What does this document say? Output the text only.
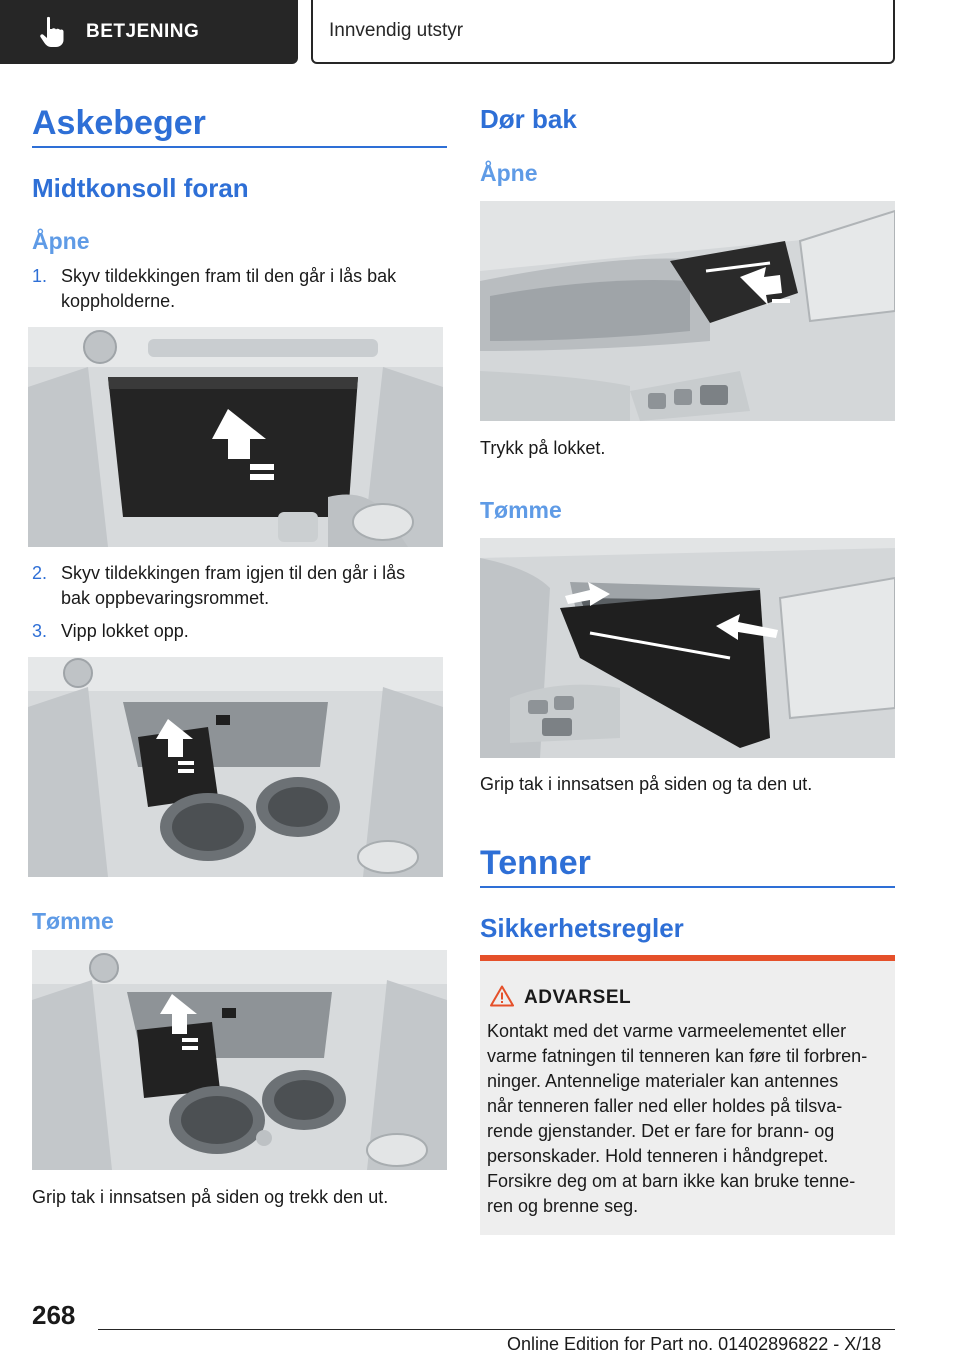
BETJENING	Innvendig utstyr
Askebeger
Midtkonsoll foran
Åpne
1. Skyv tildekkingen fram til den går i lås bak
koppholderne.
2. Skyv tildekkingen fram igjen til den går i lås
bak oppbevaringsrommet.
3. Vipp lokket opp.
Tømme
Grip tak i innsatsen på siden og trekk den ut.
Dør bak
Åpne
Trykk på lokket.
Tømme
Grip tak i innsatsen på siden og ta den ut.
Tenner
Sikkerhetsregler
ADVARSEL
Kontakt med det varme varmeelementet eller
varme fatningen til tenneren kan føre til forbren-
ninger. Antennelige materialer kan antennes
når tenneren faller ned eller holdes på tilsva-
rende gjenstander. Det er fare for brann- og
personskader. Hold tenneren i håndgrepet.
Forsikre deg om at barn ikke kan bruke tenne-
ren og brenne seg.
268
Online Edition for Part no. 01402896822 - X/18
